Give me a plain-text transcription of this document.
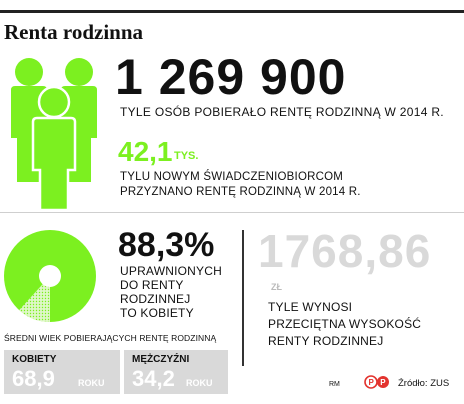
Renta rodzinna
1 269 900
TYLE OSÓB POBIERAŁO RENTĘ RODZINNĄ W 2014 R.
42,1 TYS.
TYLU NOWYM ŚWIADCZENIOBIORCOM
PRZYZNANO RENTĘ RODZINNĄ W 2014 R.
88,3%
UPRAWNIONYCH
DO RENTY
RODZINNEJ
TO KOBIETY
ŚREDNI WIEK POBIERAJĄCYCH RENTĘ RODZINNĄ
KOBIETY
68,9	ROKU
MĘŻCZYŹNI
34,2 ROKU
1768,86
ZŁ
TYLE WYNOSI
PRZECIĘTNA WYSOKOŚĆ
RENTY RODZINNEJ
RM	P P Źródło: ZUS
